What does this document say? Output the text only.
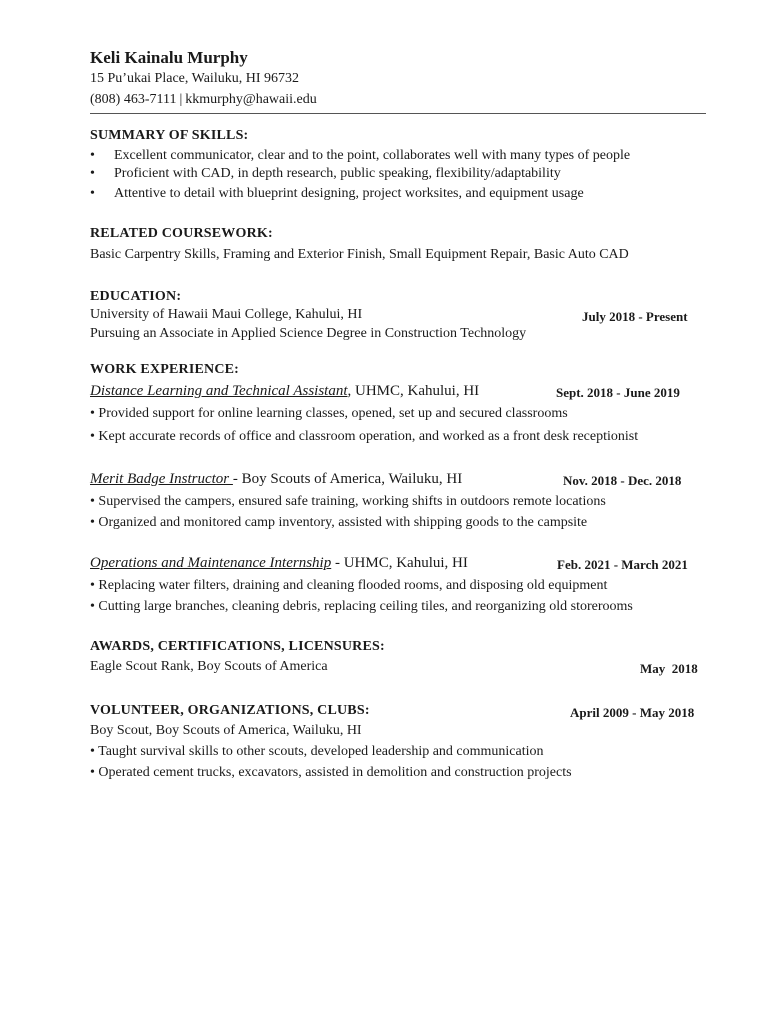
Keli Kainalu Murphy
15 Pu’ukai Place, Wailuku, HI 96732
(808) 463-7111 | kkmurphy@hawaii.edu
SUMMARY OF SKILLS:
• Excellent communicator, clear and to the point, collaborates well with many types of people
• Proficient with CAD, in depth research, public speaking, flexibility/adaptability
• Attentive to detail with blueprint designing, project worksites, and equipment usage
RELATED COURSEWORK:
Basic Carpentry Skills, Framing and Exterior Finish, Small Equipment Repair, Basic Auto CAD
EDUCATION:
University of Hawaii Maui College, Kahului, HI	July 2018 - Present
Pursuing an Associate in Applied Science Degree in Construction Technology
WORK EXPERIENCE:
Distance Learning and Technical Assistant, UHMC, Kahului, HI	Sept. 2018 - June 2019
• Provided support for online learning classes, opened, set up and secured classrooms
• Kept accurate records of office and classroom operation, and worked as a front desk receptionist
Merit Badge Instructor - Boy Scouts of America, Wailuku, HI	Nov. 2018 - Dec. 2018
• Supervised the campers, ensured safe training, working shifts in outdoors remote locations
• Organized and monitored camp inventory, assisted with shipping goods to the campsite
Operations and Maintenance Internship - UHMC, Kahului, HI	Feb. 2021 - March 2021
• Replacing water filters, draining and cleaning flooded rooms, and disposing old equipment
• Cutting large branches, cleaning debris, replacing ceiling tiles, and reorganizing old storerooms
AWARDS, CERTIFICATIONS, LICENSURES:
Eagle Scout Rank, Boy Scouts of America	May  2018
VOLUNTEER, ORGANIZATIONS, CLUBS:	April 2009 - May 2018
Boy Scout, Boy Scouts of America, Wailuku, HI
• Taught survival skills to other scouts, developed leadership and communication
• Operated cement trucks, excavators, assisted in demolition and construction projects
